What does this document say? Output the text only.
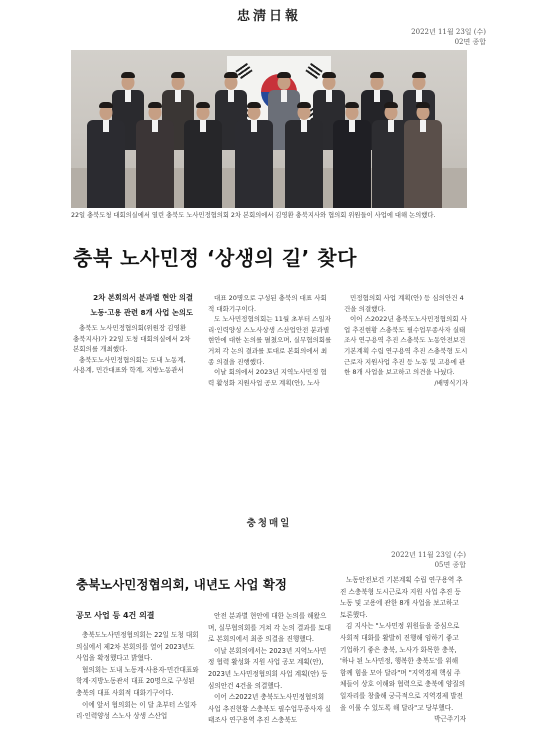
忠淸日報
2022년 11월 23일 (수)
02면 종합
22일 충북도청 대회의실에서 열린 충북도 노사민정협의회 2차 본회의에서 김영환 충북지사와 협의회 위원들이 사업에 대해 논의했다.
충북 노사민정 ‘상생의 길’ 찾다
2차 본회의서 분과별 현안 의결
노동·고용 관련 8개 사업 논의도

충북도 노사민정협의회(위원장 김영환 충북지사)가 22일 도청 대회의실에서 2차 본회의를 개최했다.

충북도노사민정협의회는 도내 노동계, 사용계, 민간대표와 학계, 지방노동관서

대표 20명으로 구성된 충북의 대표 사회적 대화기구이다.

도 노사민정협의회는 11월 초부터 스일자리·인력양성 스노사상생 스산업안전 분과별 현안에 대한 논의를 펼쳤으며, 실무협의회를 거쳐 각 논의 결과를 토대로 본회의에서 최종 의결을 진행했다.

이날 회의에서 2023년 지역노사민정 협력 활성화 지원사업 공모 계획(안), 노사

민정협의회 사업 계획(안) 등 심의안건 4건을 의결했다.

이어 스2022년 충북도노사민정협의회 사업 추진현황 스충북도 필수업무종사자 실태조사 연구용역 추진 스충북도 노동안전보건 기본계획 수립 연구용역 추진 스충북형 도시근로자 지원사업 추진 등 노동 및 고용에 관한 8개 사업을 보고하고 의견을 나눴다.

/배명식기자
충청매일
2022년 11월 23일 (수)
05면 종합
충북노사민정협의회, 내년도 사업 확정
공모 사업 등 4건 의결

충북도노사민정협의회는 22일 도청 대회의실에서 제2차 본회의를 열어 2023년도 사업을 확정했다고 밝혔다.

협의회는 도내 노동계·사용자·민간대표와 학계·지방노동관서 대표 20명으로 구성된 충북의 대표 사회적 대화기구이다.

이에 앞서 협의회는 이 달 초부터 스일자리·인력양성 스노사 상생 스산업

안전 분과별 현안에 대한 논의를 해왔으며, 실무협의회를 거쳐 각 논의 결과를 토대로 본회의에서 최종 의결을 진행했다.

이날 본회의에서는 2023년 지역노사민정 협력 활성화 지원 사업 공모 계획(안), 2023년 노사민정협의회 사업 계획(안) 등 심의안건 4건을 의결했다.

이어 스2022년 충북도노사민정협의회 사업 추진현황 스충북도 필수업무종사자 실태조사 연구용역 추진 스충북도

노동안전보건 기본계획 수립 연구용역 추진 스충북형 도시근로자 지원 사업 추진 등 노동 및 고용에 관한 8개 사업을 보고하고 토론했다.

김 지사는 "노사민정 위원들을 중심으로 사회적 대화를 활발히 진행해 임하기 좋고 기업하기 좋은 충북, 노사가 화목한 충북, '하나 된 노사민정, 행복한 충북도'를 위해 함께 힘을 모아 달라"며 "지역경제 핵심 주체들이 상호 이해와 협력으로 충북에 양질의 일자리를 창출해 궁극적으로 지역경제 발전을 이룰 수 있도록 해 달라"고 당부했다.

박근주기자
